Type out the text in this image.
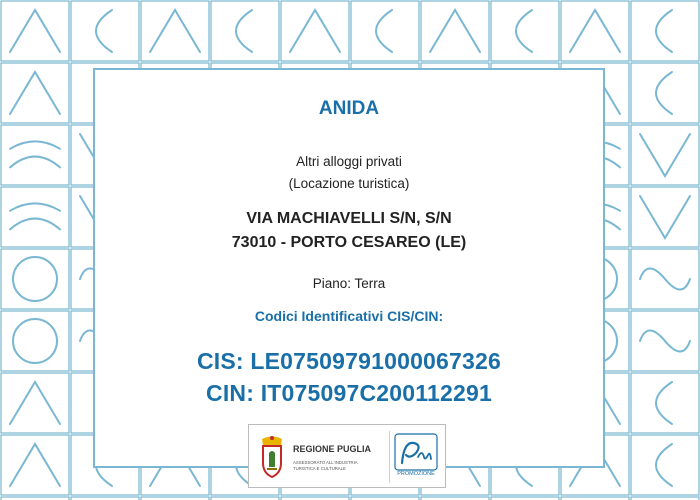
ANIDA

Altri alloggi privati

(Locazione turistica)

VIA MACHIAVELLI S/N, S/N

73010 - PORTO CESAREO (LE)

Piano: Terra

Codici Identificativi CIS/CIN:

CIS: LE07509791000067326

CIN: IT075097C200112291

REGIONE PUGLIA
ASSESSORATO ALL'INDUSTRIA
TURISTICA E CULTURALE
PROMOZIONE
